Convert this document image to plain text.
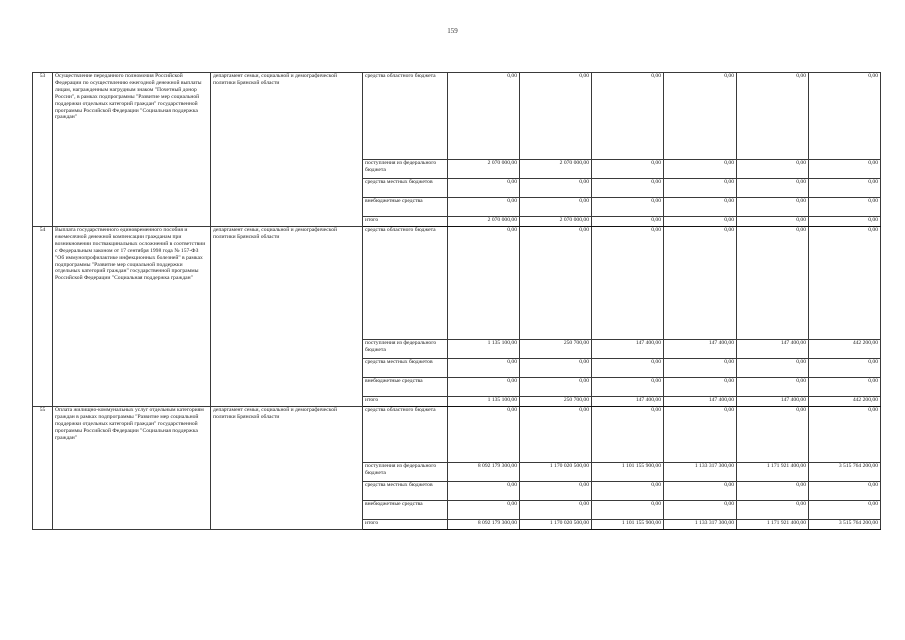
159
53	Осуществление переданного полномочия Российской Федерации по осуществлению ежегодной денежной выплаты лицам, награжденным нагрудным знаком "Почетный донор России", в рамках подпрограммы "Развитие мер социальной поддержки отдельных категорий граждан" государственной программы Российской Федерации "Социальная поддержка граждан"	департамент семьи, социальной и демографической политики Брянской области	средства областного бюджета	0,00	0,00	0,00	0,00	0,00	0,00
			поступления из федерального бюджета	2 070 000,00	2 070 000,00	0,00	0,00	0,00	0,00
			средства местных бюджетов	0,00	0,00	0,00	0,00	0,00	0,00
			внебюджетные средства	0,00	0,00	0,00	0,00	0,00	0,00
			итого	2 070 000,00	2 070 000,00	0,00	0,00	0,00	0,00
54	Выплата государственного единовременного пособия и ежемесячной денежной компенсации гражданам при возникновении поствакцинальных осложнений в соответствии с Федеральным законом от 17 сентября 1998 года № 157-ФЗ "Об иммунопрофилактике инфекционных болезней" в рамках подпрограммы "Развитие мер социальной поддержки отдельных категорий граждан" государственной программы Российской Федерации "Социальная поддержка граждан"	департамент семьи, социальной и демографической политики Брянской области	средства областного бюджета	0,00	0,00	0,00	0,00	0,00	0,00
			поступления из федерального бюджета	1 135 100,00	250 700,00	147 400,00	147 400,00	147 400,00	442 200,00
			средства местных бюджетов	0,00	0,00	0,00	0,00	0,00	0,00
			внебюджетные средства	0,00	0,00	0,00	0,00	0,00	0,00
			итого	1 135 100,00	250 700,00	147 400,00	147 400,00	147 400,00	442 200,00
55	Оплата жилищно-коммунальных услуг отдельным категориям граждан в рамках подпрограммы "Развитие мер социальной поддержки отдельных категорий граждан" государственной программы Российской Федерации "Социальная поддержка граждан"	департамент семьи, социальной и демографической политики Брянской области	средства областного бюджета	0,00	0,00	0,00	0,00	0,00	0,00
			поступления из федерального бюджета	8 092 179 300,00	1 170 020 500,00	1 101 155 900,00	1 133 317 300,00	1 171 921 400,00	3 515 764 200,00
			средства местных бюджетов	0,00	0,00	0,00	0,00	0,00	0,00
			внебюджетные средства	0,00	0,00	0,00	0,00	0,00	0,00
			итого	8 092 179 300,00	1 170 020 500,00	1 101 155 900,00	1 133 317 300,00	1 171 921 400,00	3 515 764 200,00
